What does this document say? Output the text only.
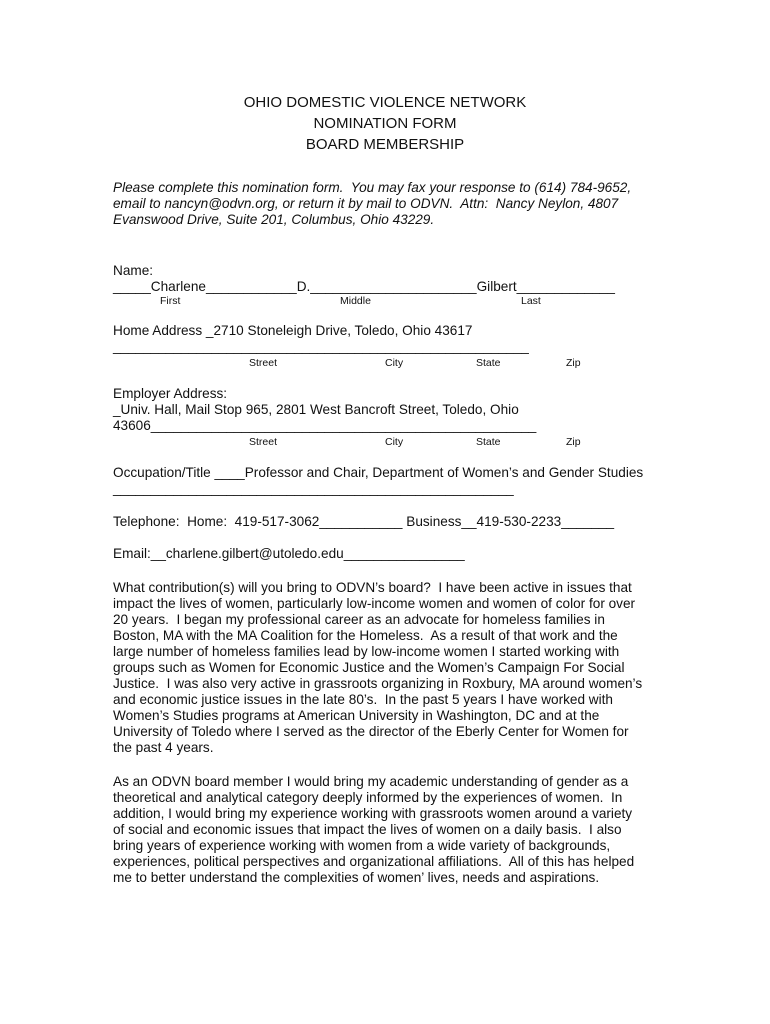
OHIO DOMESTIC VIOLENCE NETWORK
NOMINATION FORM
BOARD MEMBERSHIP
Please complete this nomination form.  You may fax your response to (614) 784-9652,
email to nancyn@odvn.org, or return it by mail to ODVN.  Attn:  Nancy Neylon, 4807
Evanswood Drive, Suite 201, Columbus, Ohio 43229.
Name:
_____Charlene____________D.______________________Gilbert_____________
First	Middle	Last
Home Address _2710 Stoneleigh Drive, Toledo, Ohio 43617
_______________________________________________________
Street	City	State	Zip
Employer Address:
_Univ. Hall, Mail Stop 965, 2801 West Bancroft Street, Toledo, Ohio
43606___________________________________________________
Street	City	State	Zip
Occupation/Title ____Professor and Chair, Department of Women’s and Gender Studies
_____________________________________________________
Telephone:  Home:  419-517-3062___________ Business__419-530-2233_______
Email:__charlene.gilbert@utoledo.edu________________
What contribution(s) will you bring to ODVN’s board?  I have been active in issues that
impact the lives of women, particularly low-income women and women of color for over
20 years.  I began my professional career as an advocate for homeless families in
Boston, MA with the MA Coalition for the Homeless.  As a result of that work and the
large number of homeless families lead by low-income women I started working with
groups such as Women for Economic Justice and the Women’s Campaign For Social
Justice.  I was also very active in grassroots organizing in Roxbury, MA around women’s
and economic justice issues in the late 80’s.  In the past 5 years I have worked with
Women’s Studies programs at American University in Washington, DC and at the
University of Toledo where I served as the director of the Eberly Center for Women for
the past 4 years.
As an ODVN board member I would bring my academic understanding of gender as a
theoretical and analytical category deeply informed by the experiences of women.  In
addition, I would bring my experience working with grassroots women around a variety
of social and economic issues that impact the lives of women on a daily basis.  I also
bring years of experience working with women from a wide variety of backgrounds,
experiences, political perspectives and organizational affiliations.  All of this has helped
me to better understand the complexities of women’ lives, needs and aspirations.
